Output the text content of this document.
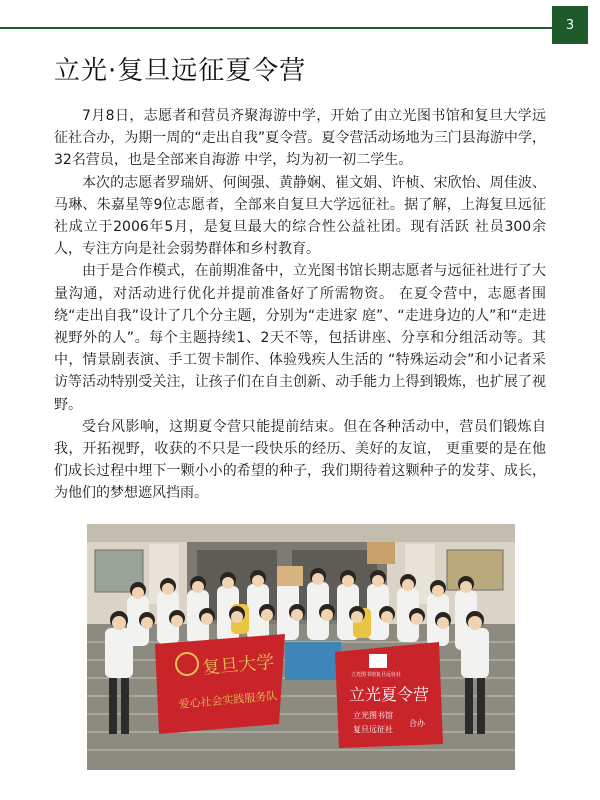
3
立光·复旦远征夏令营

7月8日，志愿者和营员齐聚海游中学，开始了由立光图书馆和复旦大学远征社合办，为期一周的“走出自我”夏令营。夏令营活动场地为三门县海游中学，32名营员，也是全部来自海游 中学，均为初一初二学生。

本次的志愿者罗瑞妍、何闽强、黄静娴、崔文娟、许桢、宋欣怡、周佳波、马琳、朱嘉星等9位志愿者，全部来自复旦大学远征社。据了解，上海复旦远征社成立于2006年5月，是复旦最大的综合性公益社团。现有活跃 社员300余人，专注方向是社会弱势群体和乡村教育。

由于是合作模式，在前期准备中，立光图书馆长期志愿者与远征社进行了大量沟通，对活动进行优化并提前准备好了所需物资。 在夏令营中，志愿者围绕“走出自我”设计了几个分主题，分别为“走进家 庭”、“走进身边的人”和“走进视野外的人”。每个主题持续1、2天不等，包括讲座、分享和分组活动等。其中，情景剧表演、手工贺卡制作、体验残疾人生活的 “特殊运动会”和小记者采访等活动特别受关注，让孩子们在自主创新、动手能力上得到锻炼，也扩展了视野。

受台风影响，这期夏令营只能提前结束。但在各种活动中，营员们锻炼自我，开拓视野，收获的不只是一段快乐的经历、美好的友谊， 更重要的是在他们成长过程中埋下一颗小小的希望的种子，我们期待着这颗种子的发芽、成长，为他们的梦想遮风挡雨。

复旦大学
爱心社会实践服务队
立光图书馆复旦远征社
立光夏令营
立光图书馆
复旦远征社
合办
